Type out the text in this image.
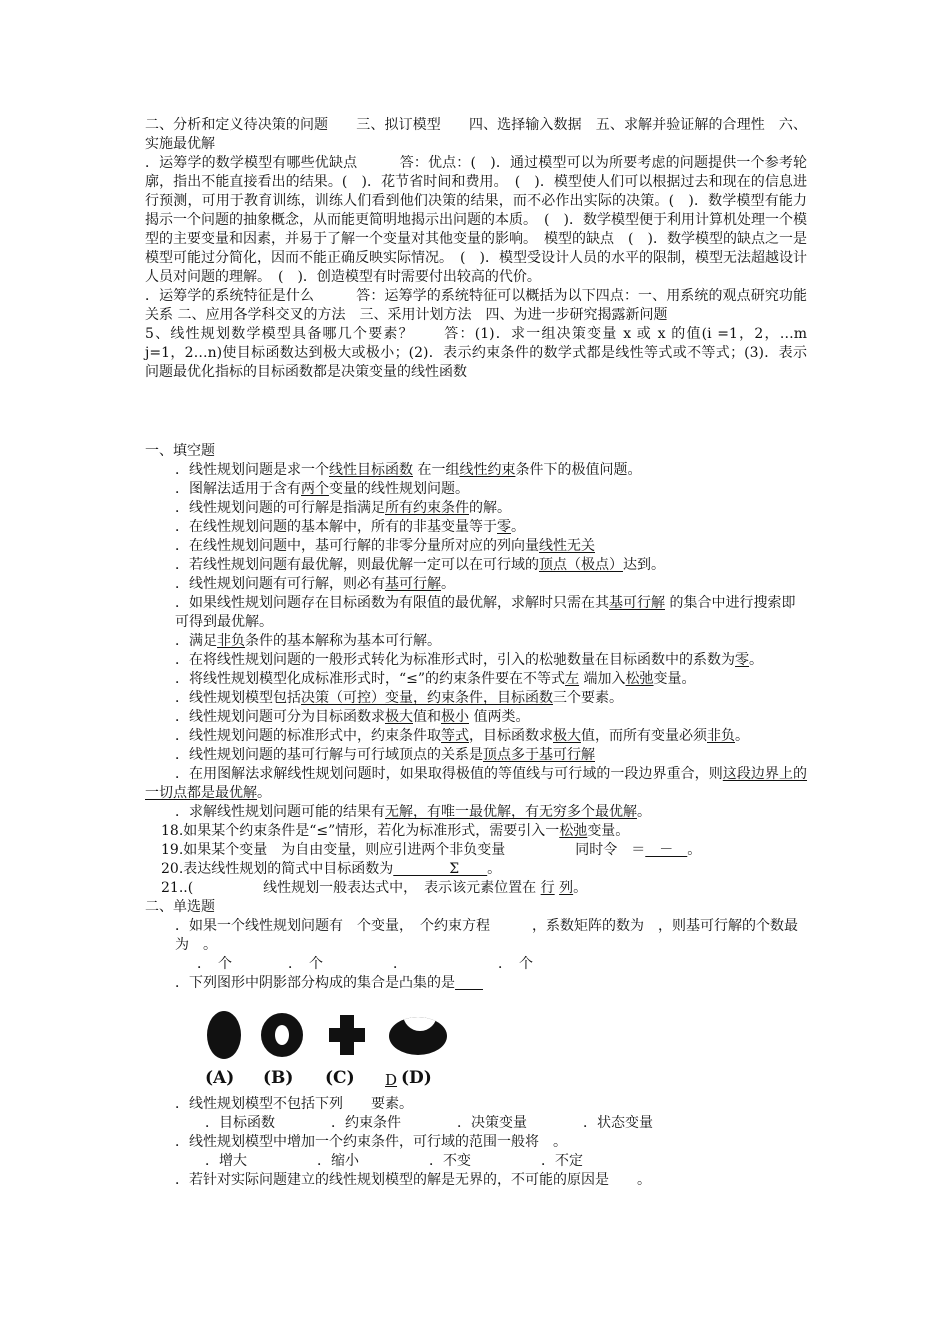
二、分析和定义待决策的问题　　三、拟订模型　　四、选择输入数据　五、求解并验证解的合理性　六、实施最优解

．运筹学的数学模型有哪些优缺点　　　答：优点：(　)．通过模型可以为所要考虑的问题提供一个参考轮廓，指出不能直接看出的结果。(　)．花节省时间和费用。　(　)．模型使人们可以根据过去和现在的信息进行预测，可用于教育训练，训练人们看到他们决策的结果，而不必作出实际的决策。(　)．数学模型有能力揭示一个问题的抽象概念，从而能更简明地揭示出问题的本质。　(　)．数学模型便于利用计算机处理一个模型的主要变量和因素，并易于了解一个变量对其他变量的影响。　模型的缺点　(　)．数学模型的缺点之一是模型可能过分简化，因而不能正确反映实际情况。　(　)．模型受设计人员的水平的限制，模型无法超越设计人员对问题的理解。　(　)．创造模型有时需要付出较高的代价。

．运筹学的系统特征是什么　　　答：运筹学的系统特征可以概括为以下四点：一、用系统的观点研究功能关系 二、应用各学科交叉的方法　三、采用计划方法　四、为进一步研究揭露新问题

5、线性规划数学模型具备哪几个要素？　　答：(1)．求一组决策变量 x 或 x 的值(i =1，2，…m　j=1，2…n)使目标函数达到极大或极小；(2)．表示约束条件的数学式都是线性等式或不等式；(3)．表示问题最优化指标的目标函数都是决策变量的线性函数

一、填空题

．线性规划问题是求一个线性目标函数 在一组线性约束条件下的极值问题。

．图解法适用于含有两个变量的线性规划问题。

．线性规划问题的可行解是指满足所有约束条件的解。

．在线性规划问题的基本解中，所有的非基变量等于零。

．在线性规划问题中，基可行解的非零分量所对应的列向量线性无关

．若线性规划问题有最优解，则最优解一定可以在可行域的顶点（极点）达到。

．线性规划问题有可行解，则必有基可行解。

．如果线性规划问题存在目标函数为有限值的最优解，求解时只需在其基可行解 的集合中进行搜索即可得到最优解。

．满足非负条件的基本解称为基本可行解。

．在将线性规划问题的一般形式转化为标准形式时，引入的松驰数量在目标函数中的系数为零。

．将线性规划模型化成标准形式时，“≤”的约束条件要在不等式左 端加入松弛变量。

．线性规划模型包括决策（可控）变量，约束条件，目标函数三个要素。

．线性规划问题可分为目标函数求极大值和极小 值两类。

．线性规划问题的标准形式中，约束条件取等式，目标函数求极大值，而所有变量必须非负。

．线性规划问题的基可行解与可行域顶点的关系是顶点多于基可行解

．在用图解法求解线性规划问题时，如果取得极值的等值线与可行域的一段边界重合，则这段边界上的一切点都是最优解。

．求解线性规划问题可能的结果有无解，有唯一最优解，有无穷多个最优解。

18.如果某个约束条件是“≤”情形，若化为标准形式，需要引入一松弛变量。

19.如果某个变量　为自由变量，则应引进两个非负变量　　　　　同时令　＝　－　。

20.表达线性规划的简式中目标函数为　　　　Σ　　。

21..(　　　　　线性规划一般表达式中，　表示该元素位置在 行 列。

二、单选题

．如果一个线性规划问题有　个变量，　个约束方程　　　，系数矩阵的数为　，则基可行解的个数最为　。

．　个　　　　．　个　　　　　．　　　　　　　．　个

．下列图形中阴影部分构成的集合是凸集的是　　

(A) (B) (C) D (D)

．线性规划模型不包括下列　　要素。

．目标函数　　　　．约束条件　　　　．决策变量　　　　．状态变量

．线性规划模型中增加一个约束条件，可行域的范围一般将　。

．增大　　　　　．缩小　　　　　．不变　　　　　．不定

．若针对实际问题建立的线性规划模型的解是无界的，不可能的原因是　　。
